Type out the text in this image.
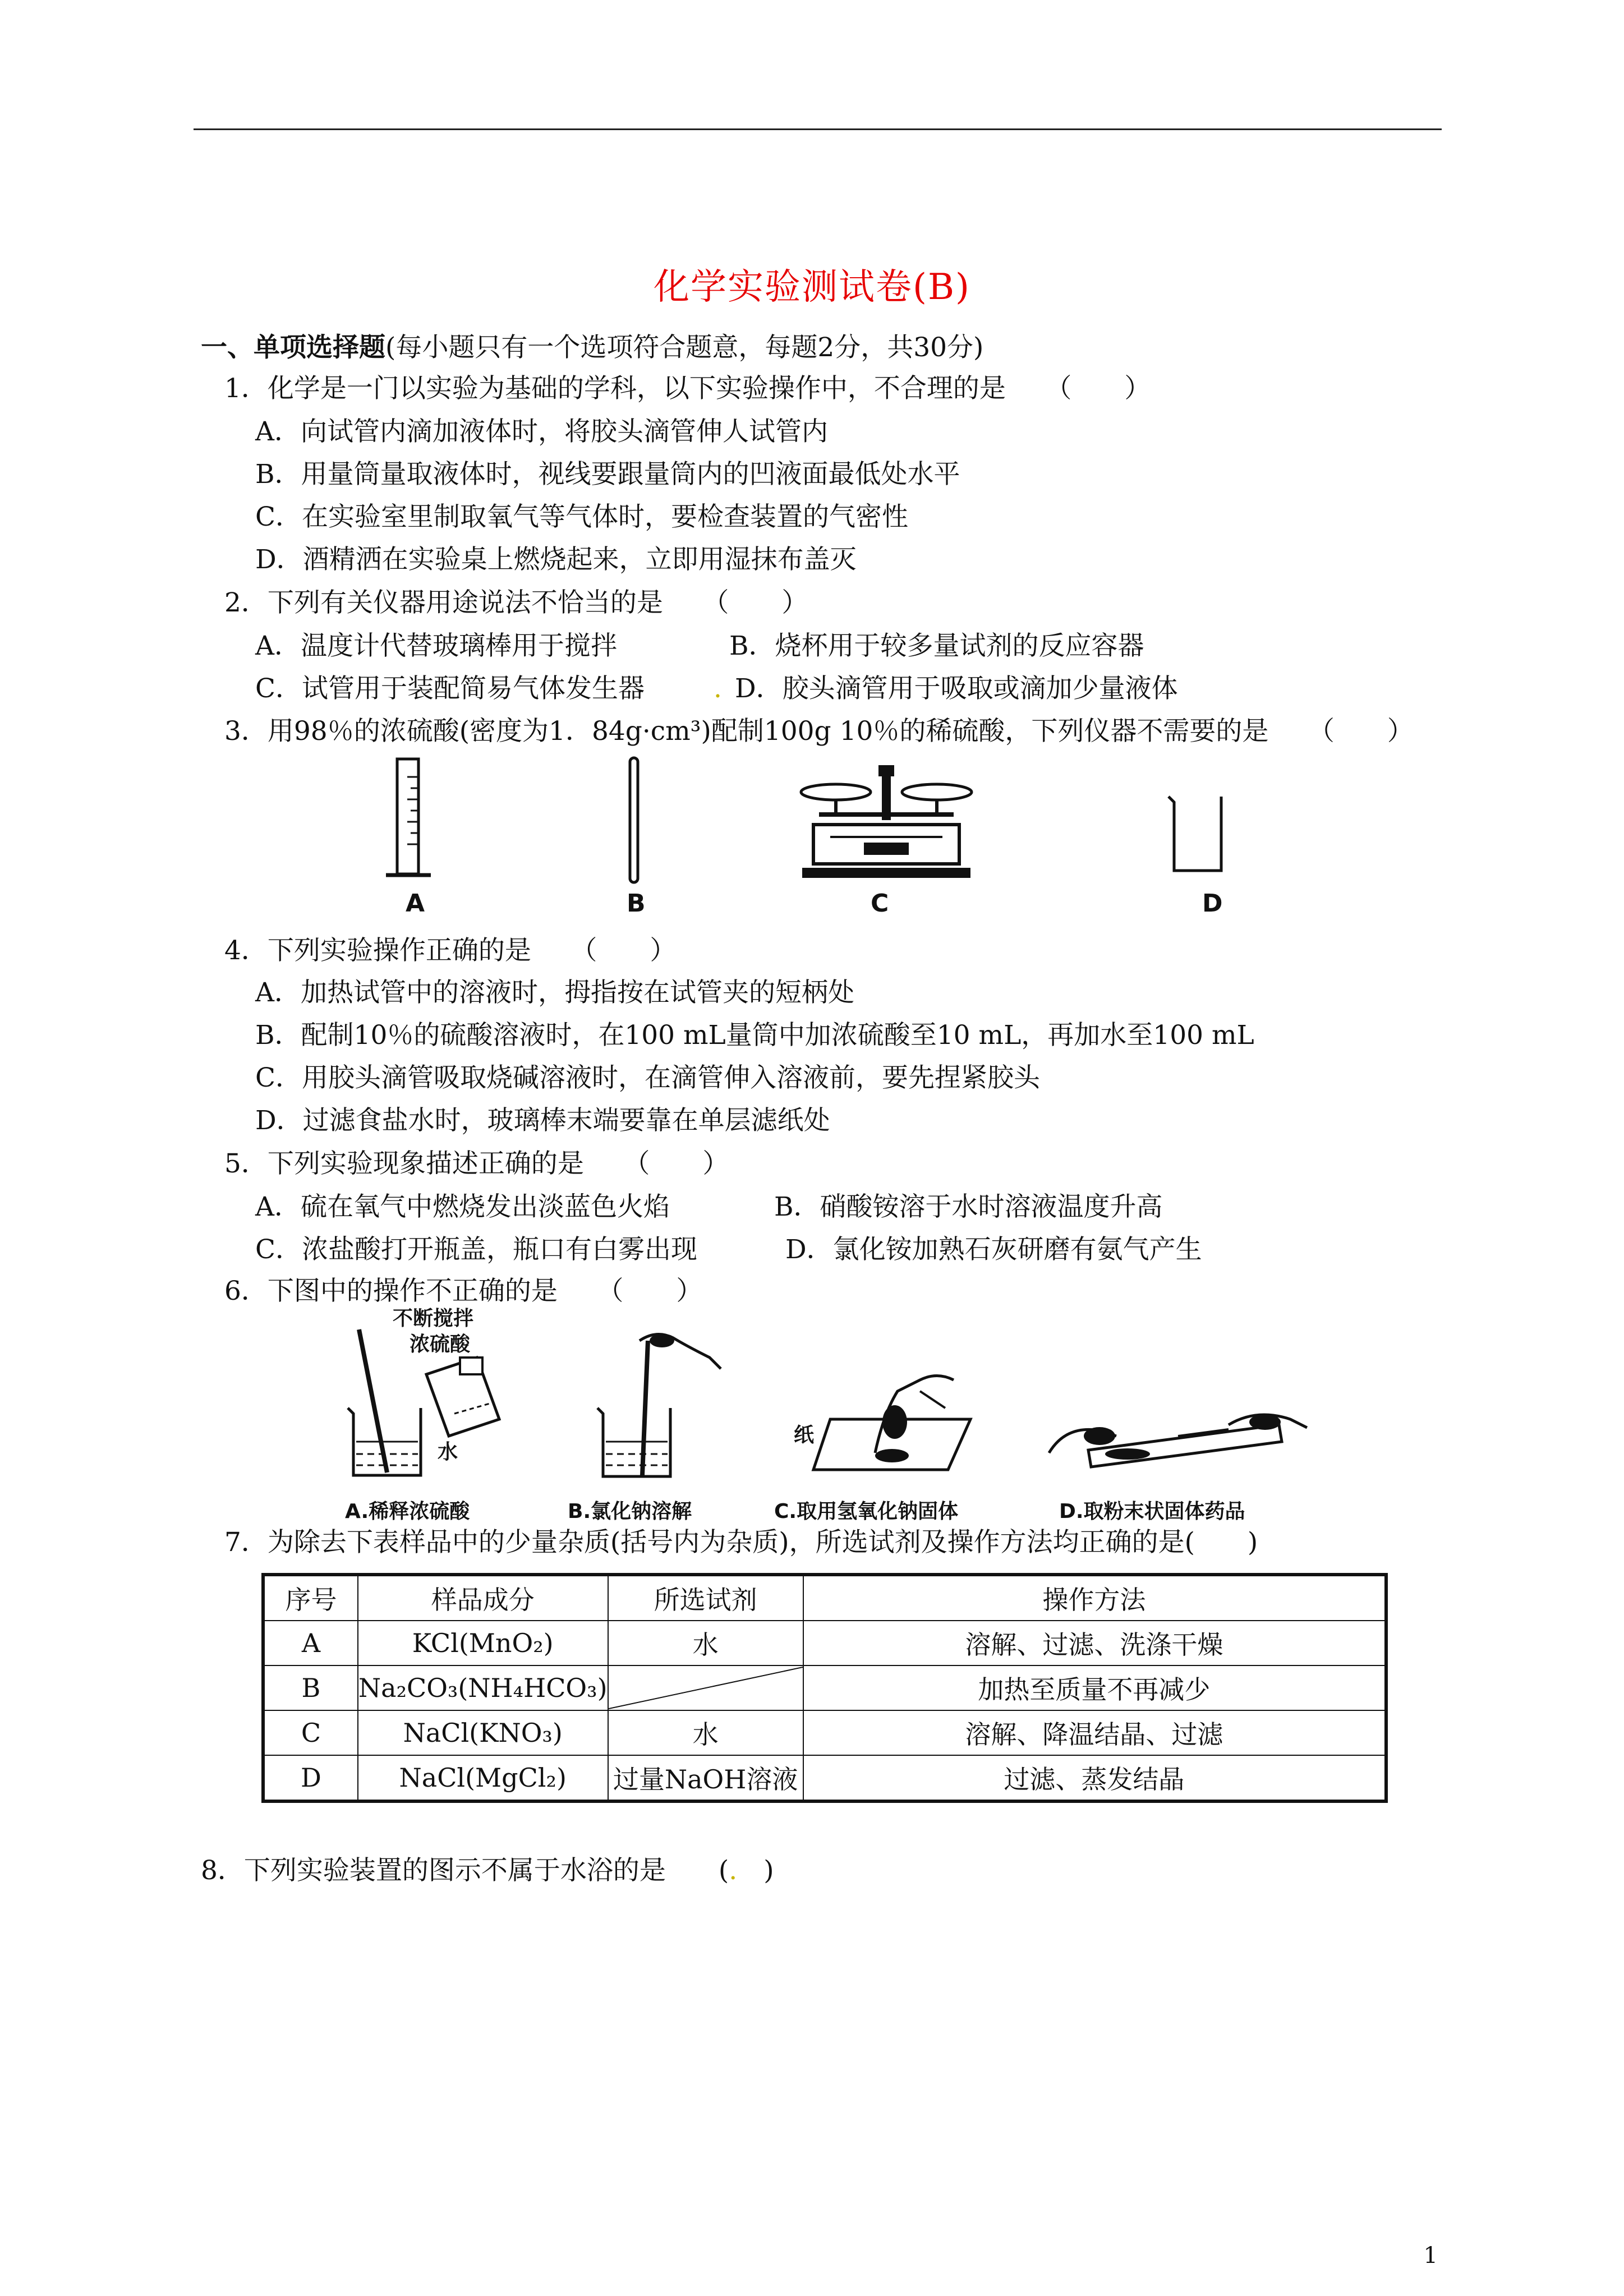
化学实验测试卷(B)
一、单项选择题(每小题只有一个选项符合题意，每题2分，共30分)
1．化学是一门以实验为基础的学科，以下实验操作中，不合理的是　　（　　）
A．向试管内滴加液体时，将胶头滴管伸人试管内
B．用量筒量取液体时，视线要跟量筒内的凹液面最低处水平
C．在实验室里制取氧气等气体时，要检查装置的气密性
D．酒精洒在实验桌上燃烧起来，立即用湿抹布盖灭
2．下列有关仪器用途说法不恰当的是　　（　　）
A．温度计代替玻璃棒用于搅拌	B．烧杯用于较多量试剂的反应容器
C．试管用于装配简易气体发生器	. D．胶头滴管用于吸取或滴加少量液体
3．用98％的浓硫酸(密度为1．84g·cm³)配制100g 10％的稀硫酸，下列仪器不需要的是　　（　　）
A	B	C	D
4．下列实验操作正确的是　　（　　）
A．加热试管中的溶液时，拇指按在试管夹的短柄处
B．配制10％的硫酸溶液时，在100 mL量筒中加浓硫酸至10 mL，再加水至100 mL
C．用胶头滴管吸取烧碱溶液时，在滴管伸入溶液前，要先捏紧胶头
D．过滤食盐水时，玻璃棒末端要靠在单层滤纸处
5．下列实验现象描述正确的是　　（　　）
A．硫在氧气中燃烧发出淡蓝色火焰	B．硝酸铵溶于水时溶液温度升高
C．浓盐酸打开瓶盖，瓶口有白雾出现	D．氯化铵加熟石灰研磨有氨气产生
6．下图中的操作不正确的是　　（　　）
不断搅拌
浓硫酸
水
纸
A.稀释浓硫酸	B.氯化钠溶解	C.取用氢氧化钠固体	D.取粉末状固体药品
7．为除去下表样品中的少量杂质(括号内为杂质)，所选试剂及操作方法均正确的是(　　)
序号	样品成分	所选试剂	操作方法
A	KCl(MnO₂)	水	溶解、过滤、洗涤干燥
B	Na₂CO₃(NH₄HCO₃)		加热至质量不再减少
C	NaCl(KNO₃)	水	溶解、降温结晶、过滤
D	NaCl(MgCl₂)	过量NaOH溶液	过滤、蒸发结晶
8．下列实验装置的图示不属于水浴的是　　(.　)
1
